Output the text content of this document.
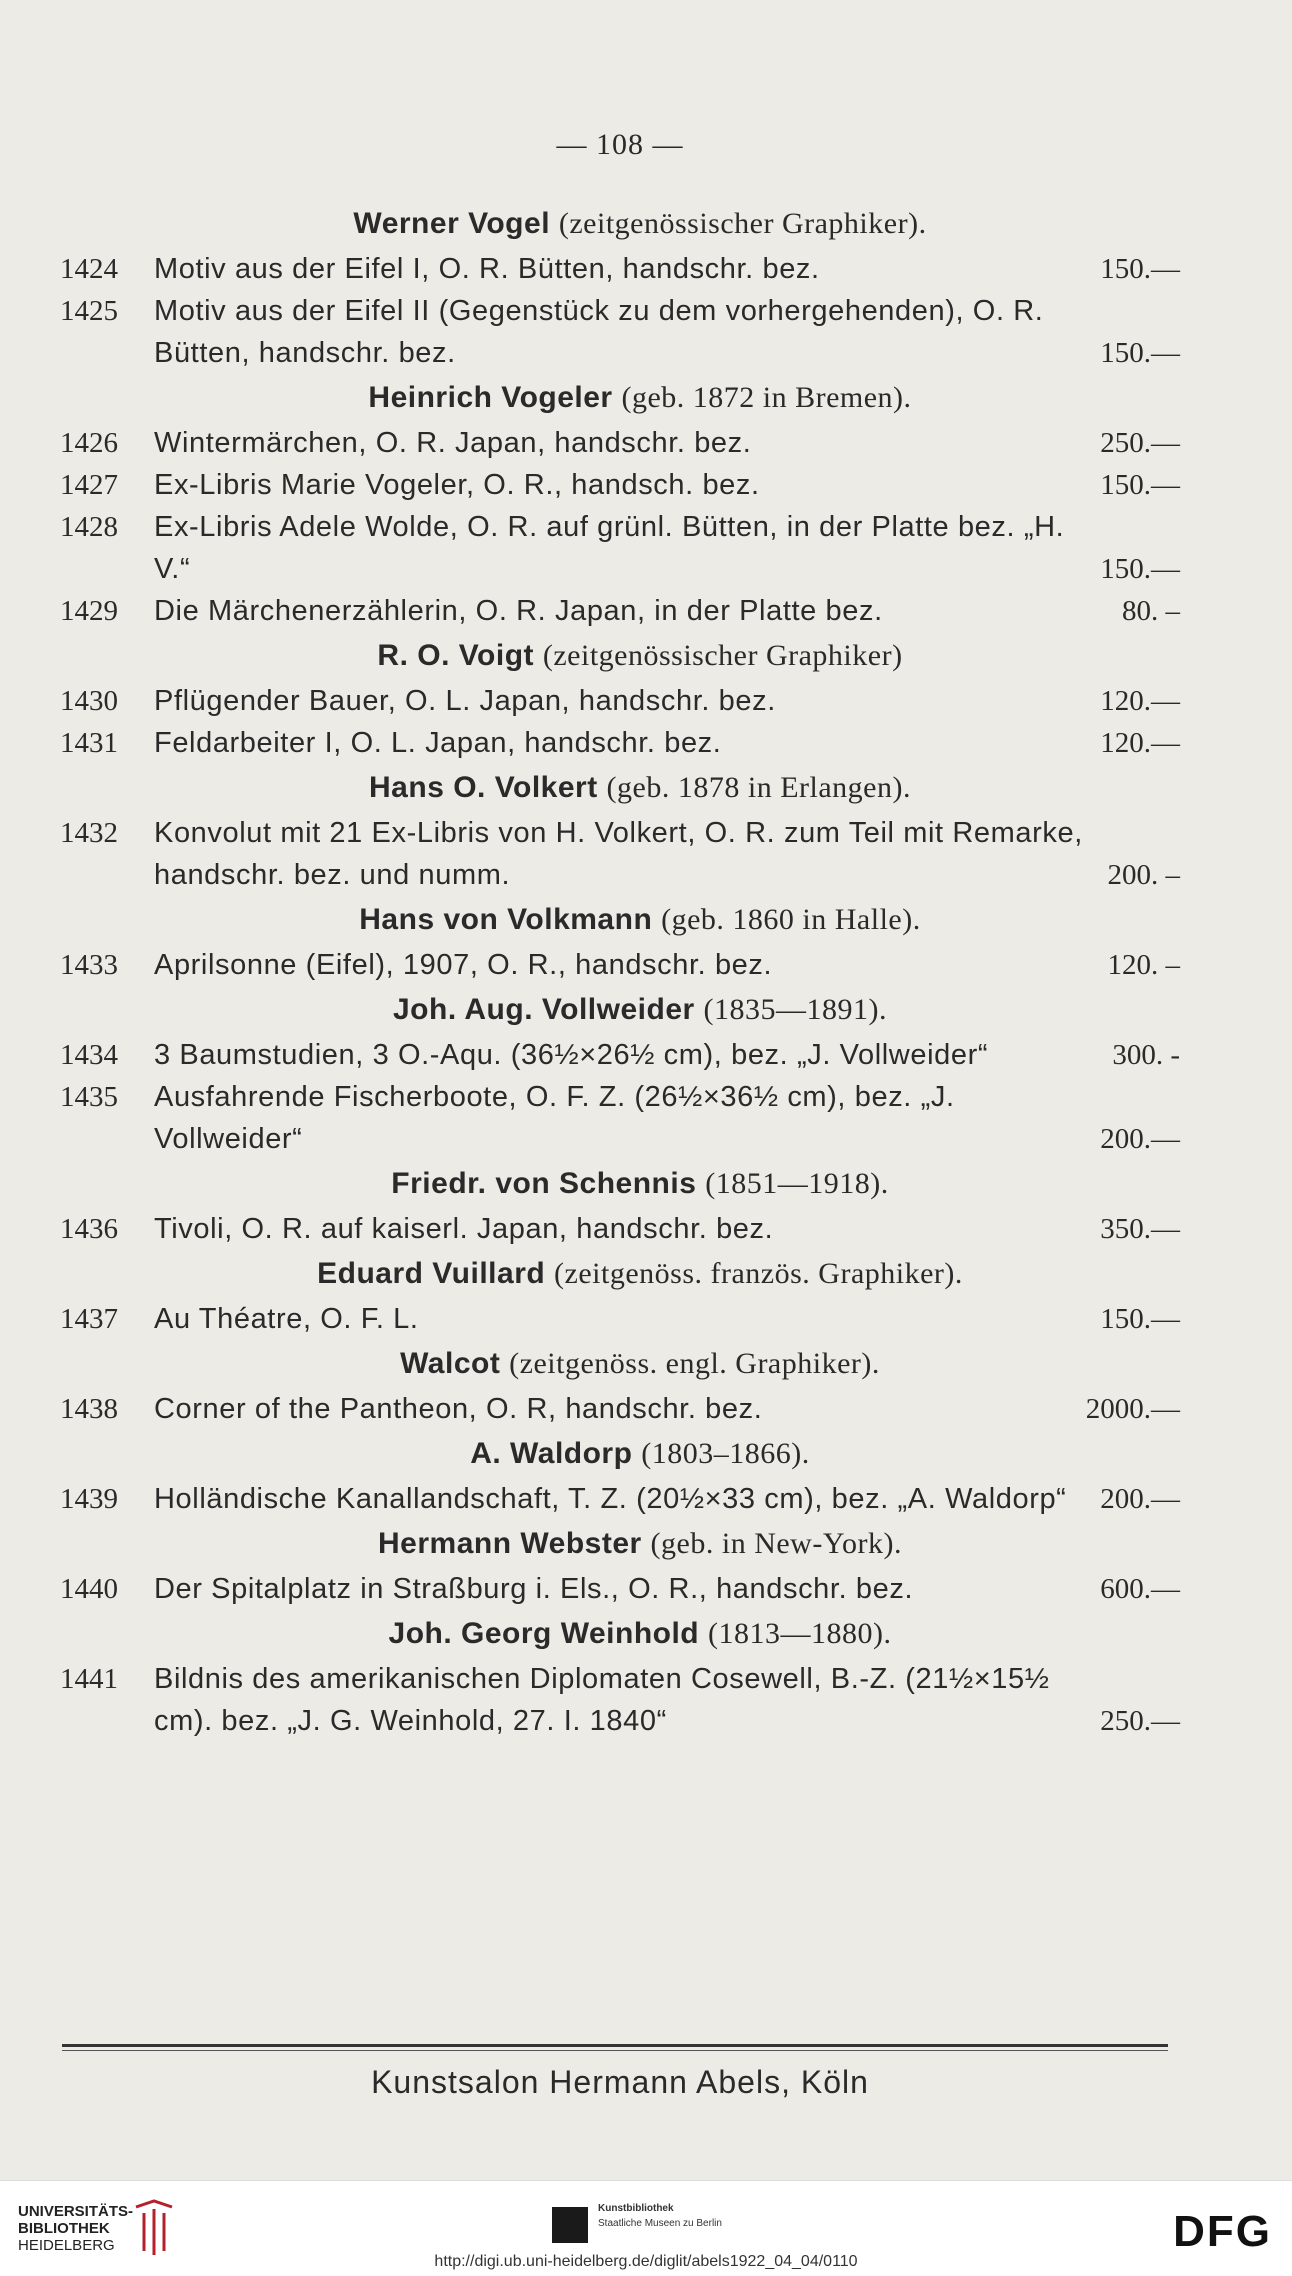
— 108 —
Werner Vogel (zeitgenössischer Graphiker).
1424 Motiv aus der Eifel I, O. R. Bütten, handschr. bez.	150.—
1425 Motiv aus der Eifel II (Gegenstück zu dem vorhergehenden), O. R. Bütten, handschr. bez.	150.—
Heinrich Vogeler (geb. 1872 in Bremen).
1426 Wintermärchen, O. R. Japan, handschr. bez.	250.—
1427 Ex-Libris Marie Vogeler, O. R., handsch. bez.	150.—
1428 Ex-Libris Adele Wolde, O. R. auf grünl. Bütten, in der Platte bez. „H. V.“	150.—
1429 Die Märchenerzählerin, O. R. Japan, in der Platte bez.	80. –
R. O. Voigt (zeitgenössischer Graphiker)
1430 Pflügender Bauer, O. L. Japan, handschr. bez.	120.—
1431 Feldarbeiter I, O. L. Japan, handschr. bez.	120.—
Hans O. Volkert (geb. 1878 in Erlangen).
1432 Konvolut mit 21 Ex-Libris von H. Volkert, O. R. zum Teil mit Remarke, handschr. bez. und numm.	200. –
Hans von Volkmann (geb. 1860 in Halle).
1433 Aprilsonne (Eifel), 1907, O. R., handschr. bez.	120. –
Joh. Aug. Vollweider (1835—1891).
1434 3 Baumstudien, 3 O.-Aqu. (36½×26½ cm), bez. „J. Vollweider“	300. -
1435 Ausfahrende Fischerboote, O. F. Z. (26½×36½ cm), bez. „J. Vollweider“	200.—
Friedr. von Schennis (1851—1918).
1436 Tivoli, O. R. auf kaiserl. Japan, handschr. bez.	350.—
Eduard Vuillard (zeitgenöss. französ. Graphiker).
1437 Au Théatre, O. F. L.	150.—
Walcot (zeitgenöss. engl. Graphiker).
1438 Corner of the Pantheon, O. R, handschr. bez.	2000.—
A. Waldorp (1803–1866).
1439 Holländische Kanallandschaft, T. Z. (20½×33 cm), bez. „A. Waldorp“	200.—
Hermann Webster (geb. in New-York).
1440 Der Spitalplatz in Straßburg i. Els., O. R., handschr. bez.	600.—
Joh. Georg Weinhold (1813—1880).
1441 Bildnis des amerikanischen Diplomaten Cosewell, B.-Z. (21½×15½ cm). bez. „J. G. Weinhold, 27. I. 1840“	250.—
Kunstsalon Hermann Abels, Köln
UNIVERSITÄTS-
BIBLIOTHEK
HEIDELBERG
Kunstbibliothek
Staatliche Museen zu Berlin	DFG
http://digi.ub.uni-heidelberg.de/diglit/abels1922_04_04/0110
